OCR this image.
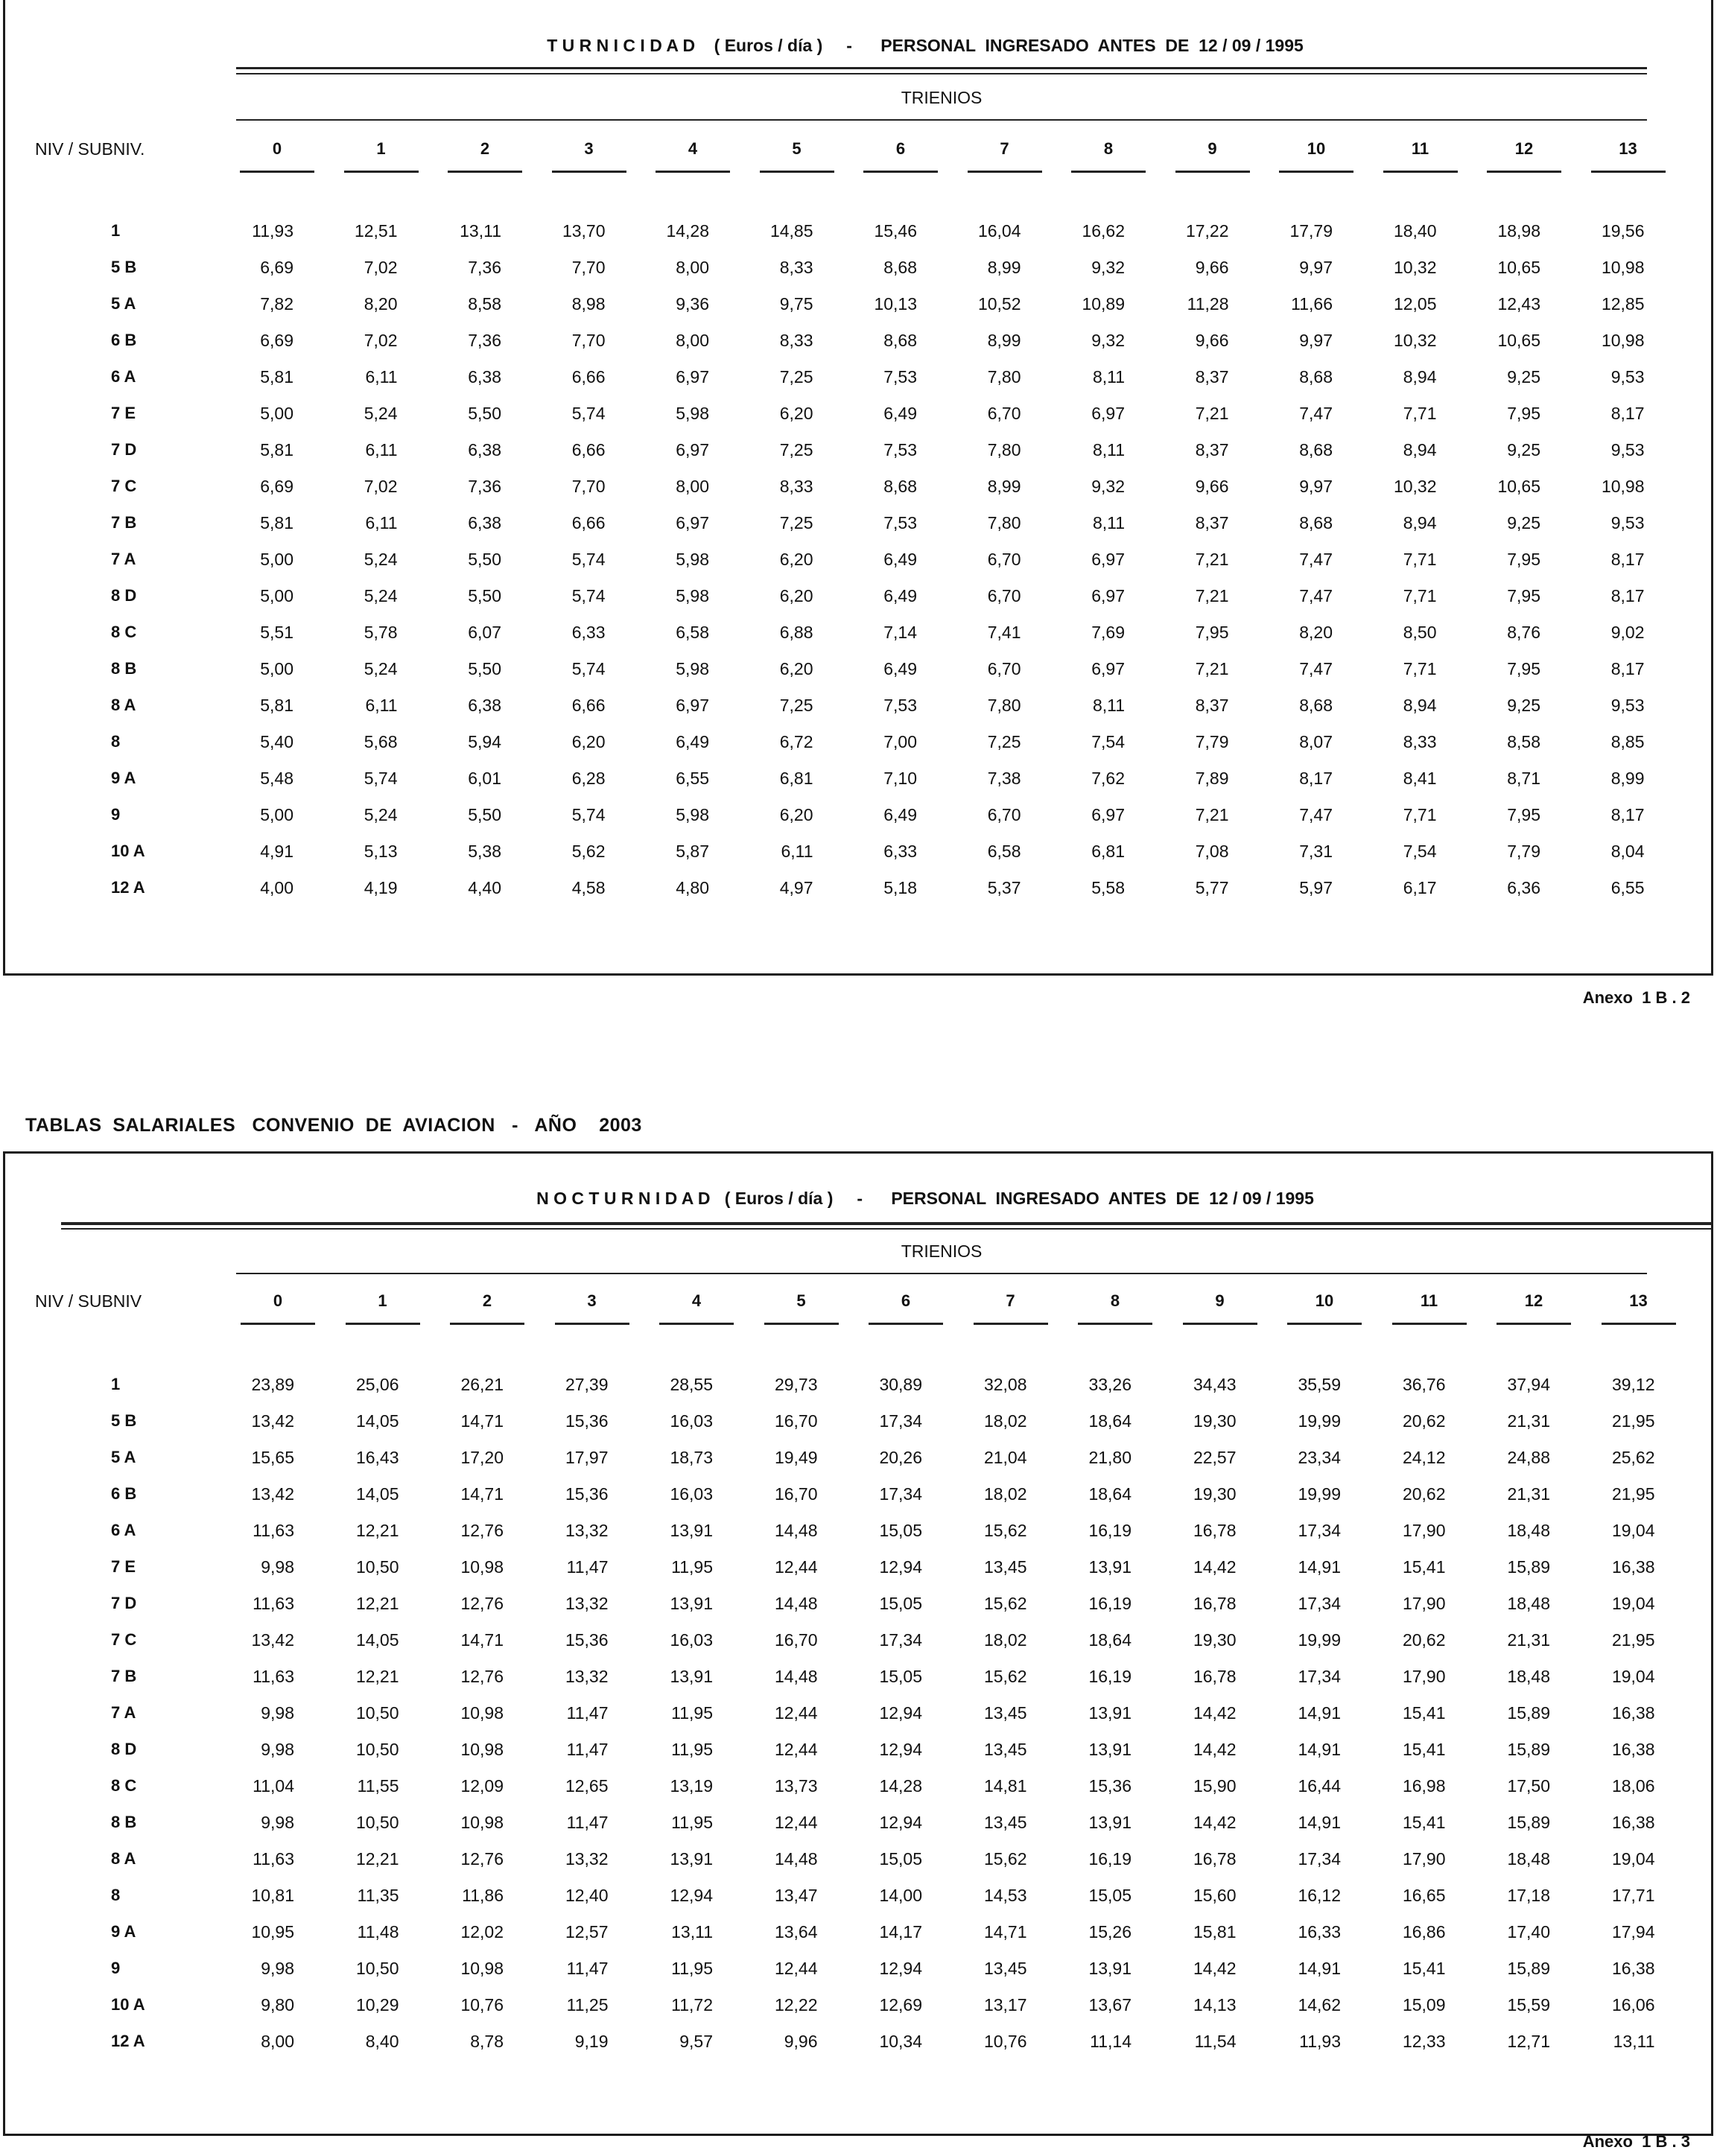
T U R N I C I D A D    ( Euros / día )     -      PERSONAL  INGRESADO  ANTES  DE  12 / 09 / 1995
TRIENIOS
NIV / SUBNIV.	0	1	2	3	4	5	6	7	8	9	10	11	12	13
1	11,93	12,51	13,11	13,70	14,28	14,85	15,46	16,04	16,62	17,22	17,79	18,40	18,98	19,56
5 B	6,69	7,02	7,36	7,70	8,00	8,33	8,68	8,99	9,32	9,66	9,97	10,32	10,65	10,98
5 A	7,82	8,20	8,58	8,98	9,36	9,75	10,13	10,52	10,89	11,28	11,66	12,05	12,43	12,85
6 B	6,69	7,02	7,36	7,70	8,00	8,33	8,68	8,99	9,32	9,66	9,97	10,32	10,65	10,98
6 A	5,81	6,11	6,38	6,66	6,97	7,25	7,53	7,80	8,11	8,37	8,68	8,94	9,25	9,53
7 E	5,00	5,24	5,50	5,74	5,98	6,20	6,49	6,70	6,97	7,21	7,47	7,71	7,95	8,17
7 D	5,81	6,11	6,38	6,66	6,97	7,25	7,53	7,80	8,11	8,37	8,68	8,94	9,25	9,53
7 C	6,69	7,02	7,36	7,70	8,00	8,33	8,68	8,99	9,32	9,66	9,97	10,32	10,65	10,98
7 B	5,81	6,11	6,38	6,66	6,97	7,25	7,53	7,80	8,11	8,37	8,68	8,94	9,25	9,53
7 A	5,00	5,24	5,50	5,74	5,98	6,20	6,49	6,70	6,97	7,21	7,47	7,71	7,95	8,17
8 D	5,00	5,24	5,50	5,74	5,98	6,20	6,49	6,70	6,97	7,21	7,47	7,71	7,95	8,17
8 C	5,51	5,78	6,07	6,33	6,58	6,88	7,14	7,41	7,69	7,95	8,20	8,50	8,76	9,02
8 B	5,00	5,24	5,50	5,74	5,98	6,20	6,49	6,70	6,97	7,21	7,47	7,71	7,95	8,17
8 A	5,81	6,11	6,38	6,66	6,97	7,25	7,53	7,80	8,11	8,37	8,68	8,94	9,25	9,53
8	5,40	5,68	5,94	6,20	6,49	6,72	7,00	7,25	7,54	7,79	8,07	8,33	8,58	8,85
9 A	5,48	5,74	6,01	6,28	6,55	6,81	7,10	7,38	7,62	7,89	8,17	8,41	8,71	8,99
9	5,00	5,24	5,50	5,74	5,98	6,20	6,49	6,70	6,97	7,21	7,47	7,71	7,95	8,17
10 A	4,91	5,13	5,38	5,62	5,87	6,11	6,33	6,58	6,81	7,08	7,31	7,54	7,79	8,04
12 A	4,00	4,19	4,40	4,58	4,80	4,97	5,18	5,37	5,58	5,77	5,97	6,17	6,36	6,55
Anexo  1 B . 2
TABLAS  SALARIALES   CONVENIO  DE  AVIACION   -   AÑO    2003
N O C T U R N I D A D   ( Euros / día )     -      PERSONAL  INGRESADO  ANTES  DE  12 / 09 / 1995
TRIENIOS
NIV / SUBNIV	0	1	2	3	4	5	6	7	8	9	10	11	12	13
1	23,89	25,06	26,21	27,39	28,55	29,73	30,89	32,08	33,26	34,43	35,59	36,76	37,94	39,12
5 B	13,42	14,05	14,71	15,36	16,03	16,70	17,34	18,02	18,64	19,30	19,99	20,62	21,31	21,95
5 A	15,65	16,43	17,20	17,97	18,73	19,49	20,26	21,04	21,80	22,57	23,34	24,12	24,88	25,62
6 B	13,42	14,05	14,71	15,36	16,03	16,70	17,34	18,02	18,64	19,30	19,99	20,62	21,31	21,95
6 A	11,63	12,21	12,76	13,32	13,91	14,48	15,05	15,62	16,19	16,78	17,34	17,90	18,48	19,04
7 E	9,98	10,50	10,98	11,47	11,95	12,44	12,94	13,45	13,91	14,42	14,91	15,41	15,89	16,38
7 D	11,63	12,21	12,76	13,32	13,91	14,48	15,05	15,62	16,19	16,78	17,34	17,90	18,48	19,04
7 C	13,42	14,05	14,71	15,36	16,03	16,70	17,34	18,02	18,64	19,30	19,99	20,62	21,31	21,95
7 B	11,63	12,21	12,76	13,32	13,91	14,48	15,05	15,62	16,19	16,78	17,34	17,90	18,48	19,04
7 A	9,98	10,50	10,98	11,47	11,95	12,44	12,94	13,45	13,91	14,42	14,91	15,41	15,89	16,38
8 D	9,98	10,50	10,98	11,47	11,95	12,44	12,94	13,45	13,91	14,42	14,91	15,41	15,89	16,38
8 C	11,04	11,55	12,09	12,65	13,19	13,73	14,28	14,81	15,36	15,90	16,44	16,98	17,50	18,06
8 B	9,98	10,50	10,98	11,47	11,95	12,44	12,94	13,45	13,91	14,42	14,91	15,41	15,89	16,38
8 A	11,63	12,21	12,76	13,32	13,91	14,48	15,05	15,62	16,19	16,78	17,34	17,90	18,48	19,04
8	10,81	11,35	11,86	12,40	12,94	13,47	14,00	14,53	15,05	15,60	16,12	16,65	17,18	17,71
9 A	10,95	11,48	12,02	12,57	13,11	13,64	14,17	14,71	15,26	15,81	16,33	16,86	17,40	17,94
9	9,98	10,50	10,98	11,47	11,95	12,44	12,94	13,45	13,91	14,42	14,91	15,41	15,89	16,38
10 A	9,80	10,29	10,76	11,25	11,72	12,22	12,69	13,17	13,67	14,13	14,62	15,09	15,59	16,06
12 A	8,00	8,40	8,78	9,19	9,57	9,96	10,34	10,76	11,14	11,54	11,93	12,33	12,71	13,11
Anexo  1 B . 3
